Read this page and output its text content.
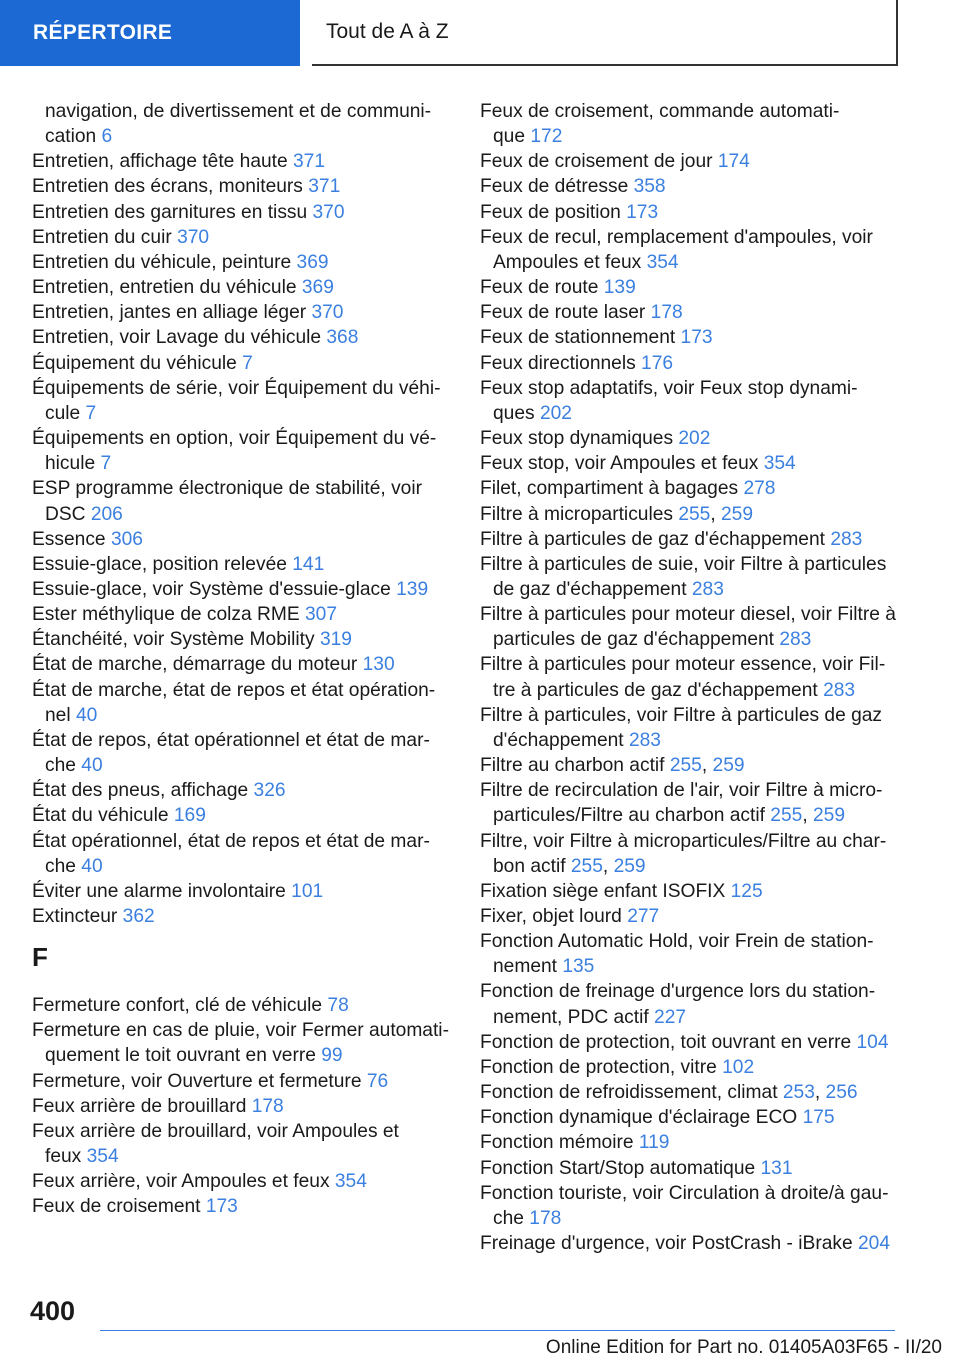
RÉPERTOIRE	Tout de A à Z
navigation, de divertissement et de communi-
cation 6
Entretien, affichage tête haute 371
Entretien des écrans, moniteurs 371
Entretien des garnitures en tissu 370
Entretien du cuir 370
Entretien du véhicule, peinture 369
Entretien, entretien du véhicule 369
Entretien, jantes en alliage léger 370
Entretien, voir Lavage du véhicule 368
Équipement du véhicule 7
Équipements de série, voir Équipement du véhi-
cule 7
Équipements en option, voir Équipement du vé-
hicule 7
ESP programme électronique de stabilité, voir
DSC 206
Essence 306
Essuie-glace, position relevée 141
Essuie-glace, voir Système d'essuie-glace 139
Ester méthylique de colza RME 307
Étanchéité, voir Système Mobility 319
État de marche, démarrage du moteur 130
État de marche, état de repos et état opération-
nel 40
État de repos, état opérationnel et état de mar-
che 40
État des pneus, affichage 326
État du véhicule 169
État opérationnel, état de repos et état de mar-
che 40
Éviter une alarme involontaire 101
Extincteur 362
F
Fermeture confort, clé de véhicule 78
Fermeture en cas de pluie, voir Fermer automati-
quement le toit ouvrant en verre 99
Fermeture, voir Ouverture et fermeture 76
Feux arrière de brouillard 178
Feux arrière de brouillard, voir Ampoules et
feux 354
Feux arrière, voir Ampoules et feux 354
Feux de croisement 173
Feux de croisement, commande automati-
que 172
Feux de croisement de jour 174
Feux de détresse 358
Feux de position 173
Feux de recul, remplacement d'ampoules, voir
Ampoules et feux 354
Feux de route 139
Feux de route laser 178
Feux de stationnement 173
Feux directionnels 176
Feux stop adaptatifs, voir Feux stop dynami-
ques 202
Feux stop dynamiques 202
Feux stop, voir Ampoules et feux 354
Filet, compartiment à bagages 278
Filtre à microparticules 255, 259
Filtre à particules de gaz d'échappement 283
Filtre à particules de suie, voir Filtre à particules
de gaz d'échappement 283
Filtre à particules pour moteur diesel, voir Filtre à
particules de gaz d'échappement 283
Filtre à particules pour moteur essence, voir Fil-
tre à particules de gaz d'échappement 283
Filtre à particules, voir Filtre à particules de gaz
d'échappement 283
Filtre au charbon actif 255, 259
Filtre de recirculation de l'air, voir Filtre à micro-
particules/Filtre au charbon actif 255, 259
Filtre, voir Filtre à microparticules/Filtre au char-
bon actif 255, 259
Fixation siège enfant ISOFIX 125
Fixer, objet lourd 277
Fonction Automatic Hold, voir Frein de station-
nement 135
Fonction de freinage d'urgence lors du station-
nement, PDC actif 227
Fonction de protection, toit ouvrant en verre 104
Fonction de protection, vitre 102
Fonction de refroidissement, climat 253, 256
Fonction dynamique d'éclairage ECO 175
Fonction mémoire 119
Fonction Start/Stop automatique 131
Fonction touriste, voir Circulation à droite/à gau-
che 178
Freinage d'urgence, voir PostCrash - iBrake 204
400
Online Edition for Part no. 01405A03F65 - II/20
